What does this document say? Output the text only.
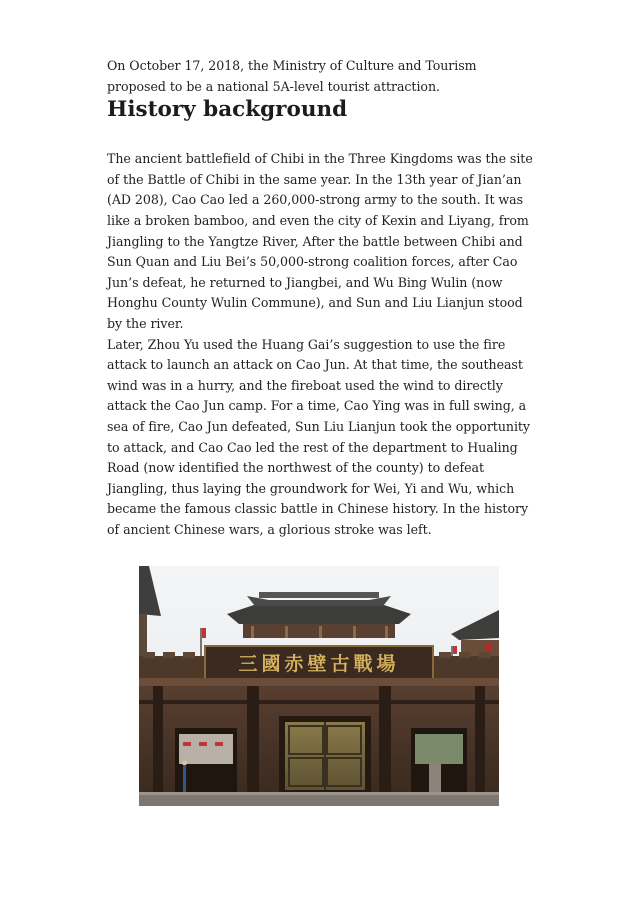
On October 17, 2018, the Ministry of Culture and Tourism proposed to be a national 5A-level tourist attraction.

History background

The ancient battlefield of Chibi in the Three Kingdoms was the site of the Battle of Chibi in the same year. In the 13th year of Jian’an (AD 208), Cao Cao led a 260,000-strong army to the south. It was like a broken bamboo, and even the city of Kexin and Liyang, from Jiangling to the Yangtze River, After the battle between Chibi and Sun Quan and Liu Bei’s 50,000-strong coalition forces, after Cao Jun’s defeat, he returned to Jiangbei, and Wu Bing Wulin (now Honghu County Wulin Commune), and Sun and Liu Lianjun stood by the river.

Later, Zhou Yu used the Huang Gai’s suggestion to use the fire attack to launch an attack on Cao Jun. At that time, the southeast wind was in a hurry, and the fireboat used the wind to directly attack the Cao Jun camp. For a time, Cao Ying was in full swing, a sea of fire, Cao Jun defeated, Sun Liu Lianjun took the opportunity to attack, and Cao Cao led the rest of the department to Hualing Road (now identified the northwest of the county) to defeat Jiangling, thus laying the groundwork for Wei, Yi and Wu, which became the famous classic battle in Chinese history. In the history of ancient Chinese wars, a glorious stroke was left.

三國赤壁古戰場
